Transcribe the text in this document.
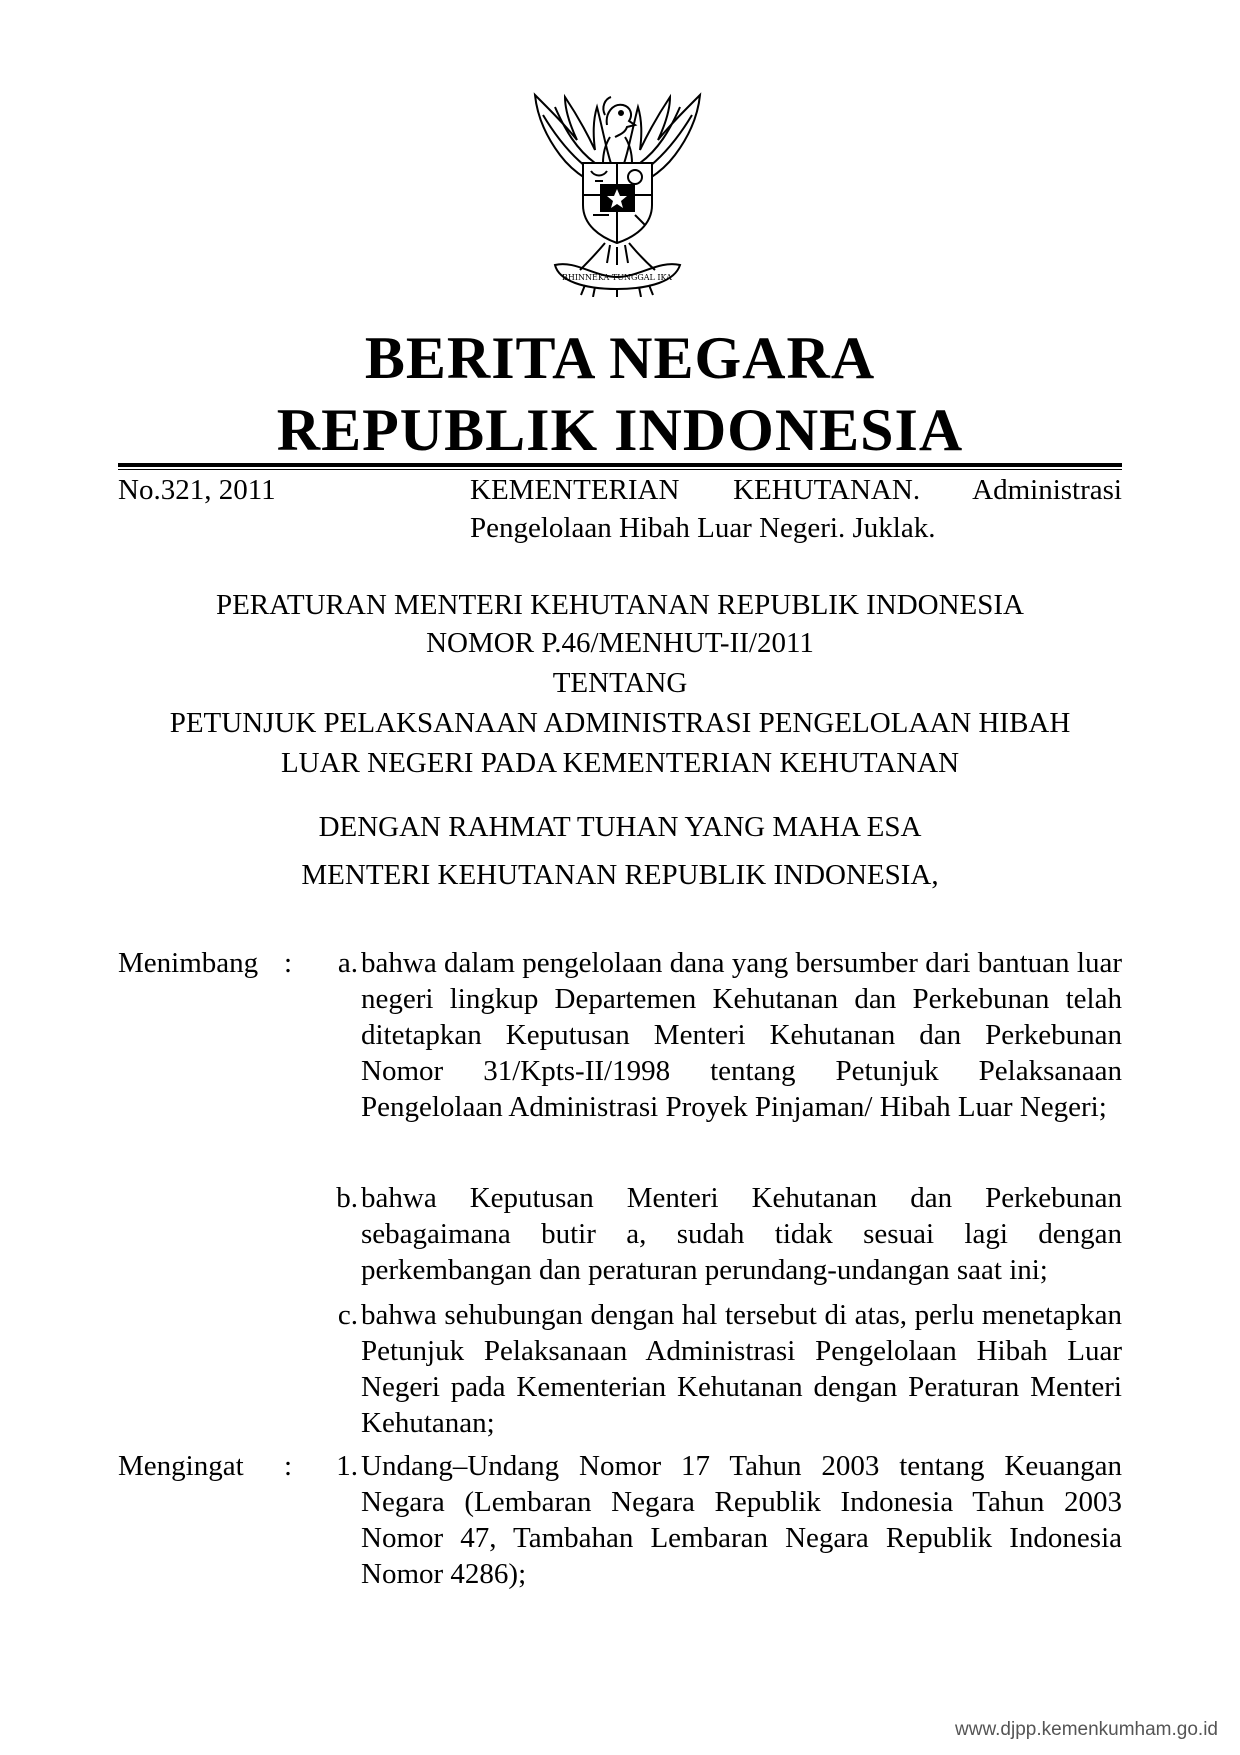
BHINNEKA TUNGGAL IKA
BERITA NEGARA
REPUBLIK INDONESIA
No.321, 2011	KEMENTERIAN KEHUTANAN. Administrasi
Pengelolaan Hibah Luar Negeri. Juklak.
PERATURAN MENTERI KEHUTANAN REPUBLIK INDONESIA
NOMOR P.46/MENHUT-II/2011
TENTANG
PETUNJUK PELAKSANAAN ADMINISTRASI PENGELOLAAN HIBAH
LUAR NEGERI PADA KEMENTERIAN KEHUTANAN
DENGAN RAHMAT TUHAN YANG MAHA ESA
MENTERI KEHUTANAN REPUBLIK INDONESIA,
Menimbang :	a. bahwa dalam pengelolaan dana yang bersumber dari bantuan luar negeri lingkup Departemen Kehutanan dan Perkebunan telah ditetapkan Keputusan Menteri Kehutanan dan Perkebunan Nomor 31/Kpts-II/1998 tentang Petunjuk Pelaksanaan Pengelolaan Administrasi Proyek Pinjaman/ Hibah Luar Negeri;
b. bahwa Keputusan Menteri Kehutanan dan Perkebunan sebagaimana butir a, sudah tidak sesuai lagi dengan perkembangan dan peraturan perundang-undangan saat ini;
c. bahwa sehubungan dengan hal tersebut di atas, perlu menetapkan Petunjuk Pelaksanaan Administrasi Pengelolaan Hibah Luar Negeri pada Kementerian Kehutanan dengan Peraturan Menteri Kehutanan;
Mengingat :	1. Undang–Undang Nomor 17 Tahun 2003 tentang Keuangan Negara (Lembaran Negara Republik Indonesia Tahun 2003 Nomor 47, Tambahan Lembaran Negara Republik Indonesia Nomor 4286);
www.djpp.kemenkumham.go.id
